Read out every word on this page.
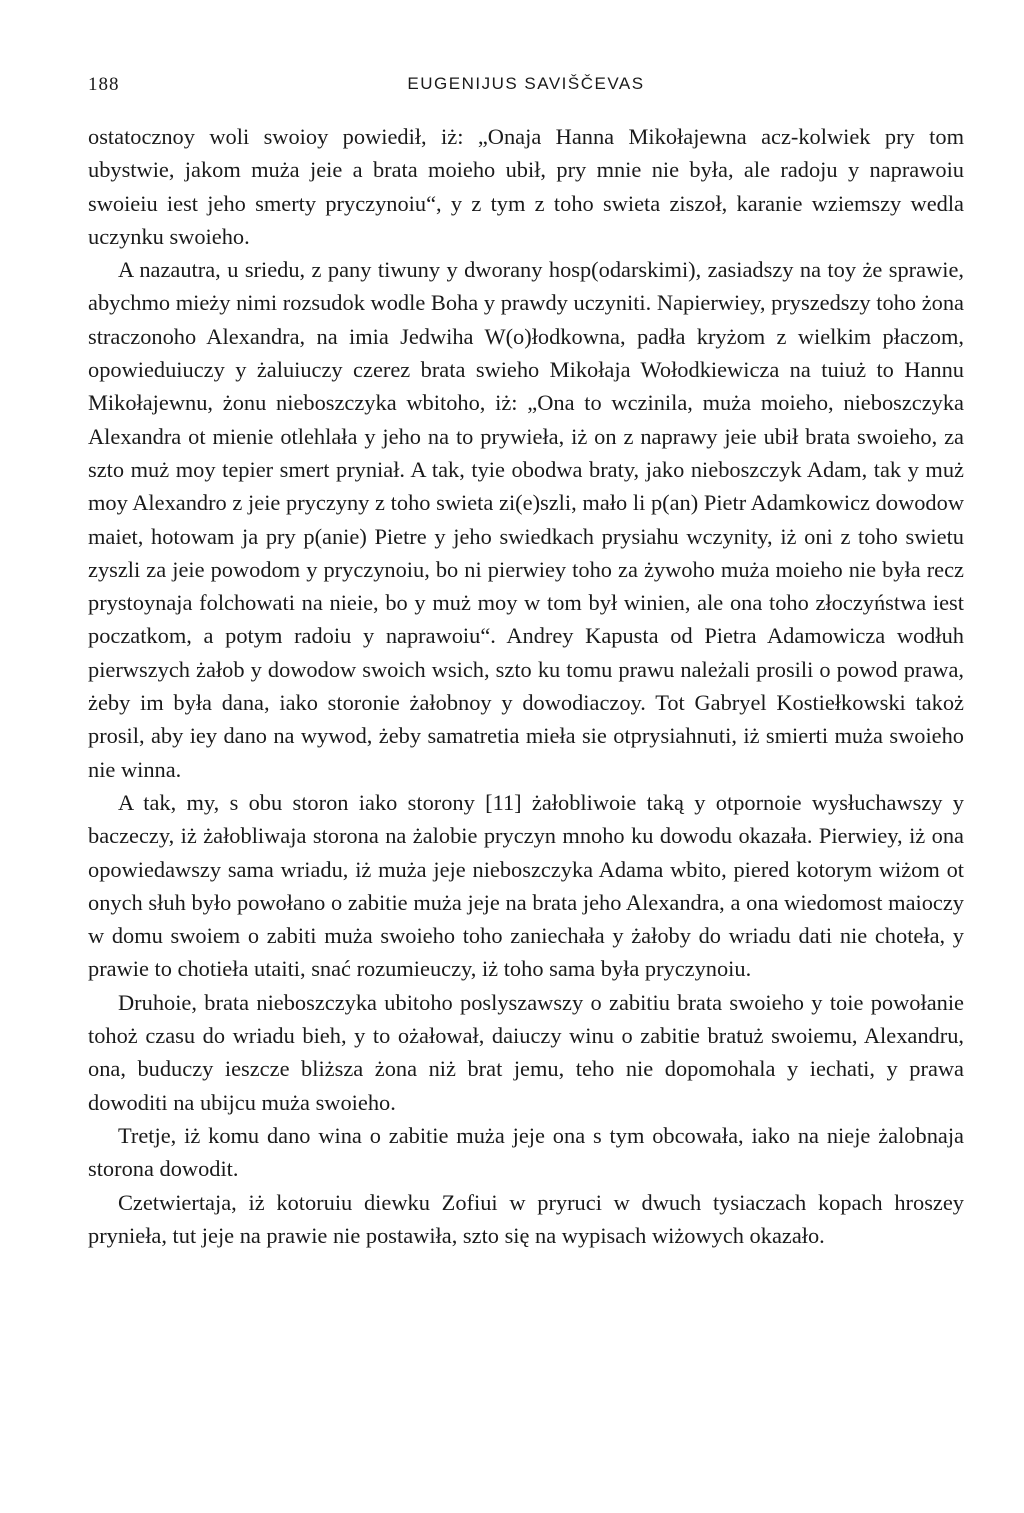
188	EUGENIJUS SAVIŠČEVAS

ostatocznoy woli swoioy powiedił, iż: „Onaja Hanna Mikołajewna acz-kolwiek pry tom ubystwie, jakom muża jeie a brata moieho ubił, pry mnie nie była, ale radoju y naprawoiu swoieiu iest jeho smerty pryczynoiu“, y z tym z toho swieta ziszoł, karanie wziemszy wedla uczynku swoieho.

A nazautra, u sriedu, z pany tiwuny y dworany hosp(odarskimi), zasiadszy na toy że sprawie, abychmo mieży nimi rozsudok wodle Boha y prawdy uczyniti. Napierwiey, pryszedszy toho żona straczonoho Alexandra, na imia Jedwiha W(o)łodkowna, padła kryżom z wielkim płaczom, opowieduiuczy y żaluiuczy czerez brata swieho Mikołaja Wołodkiewicza na tuiuż to Hannu Mikołajewnu, żonu nieboszczyka wbitoho, iż: „Ona to wczinila, muża moieho, nieboszczyka Alexandra ot mienie otlehlała y jeho na to prywieła, iż on z naprawy jeie ubił brata swoieho, za szto muż moy tepier smert pryniał. A tak, tyie obodwa braty, jako nieboszczyk Adam, tak y muż moy Alexandro z jeie pryczyny z toho swieta zi(e)szli, mało li p(an) Pietr Adamkowicz dowodow maiet, hotowam ja pry p(anie) Pietre y jeho swiedkach prysiahu wczynity, iż oni z toho swietu zyszli za jeie powodom y pryczynoiu, bo ni pierwiey toho za żywoho muża moieho nie była recz prystoynaja folchowati na nieie, bo y muż moy w tom był winien, ale ona toho złoczyństwa iest poczatkom, a potym radoiu y naprawoiu“. Andrey Kapusta od Pietra Adamowicza wodłuh pierwszych żałob y dowodow swoich wsich, szto ku tomu prawu należali prosili o powod prawa, żeby im była dana, iako storonie żałobnoy y dowodiaczoy. Tot Gabryel Kostiełkowski takoż prosil, aby iey dano na wywod, żeby samatretia mieła sie otprysiahnuti, iż smierti muża swoieho nie winna.

A tak, my, s obu storon iako storony [11] żałobliwoie taką y otpornoie wysłuchawszy y baczeczy, iż żałobliwaja storona na żalobie pryczyn mnoho ku dowodu okazała. Pierwiey, iż ona opowiedawszy sama wriadu, iż muża jeje nieboszczyka Adama wbito, piered kotorym wiżom ot onych słuh było powołano o zabitie muża jeje na brata jeho Alexandra, a ona wiedomost maioczy w domu swoiem o zabiti muża swoieho toho zaniechała y żałoby do wriadu dati nie choteła, y prawie to chotieła utaiti, snać rozumieuczy, iż toho sama była pryczynoiu.

Druhoie, brata nieboszczyka ubitoho poslyszawszy o zabitiu brata swoieho y toie powołanie tohoż czasu do wriadu bieh, y to ożałował, daiuczy winu o zabitie bratuż swoiemu, Alexandru, ona, buduczy ieszcze bliższa żona niż brat jemu, teho nie dopomohala y iechati, y prawa dowoditi na ubijcu muża swoieho.

Tretje, iż komu dano wina o zabitie muża jeje ona s tym obcowała, iako na nieje żalobnaja storona dowodit.

Czetwiertaja, iż kotoruiu diewku Zofiui w pryruci w dwuch tysiaczach kopach hroszey prynieła, tut jeje na prawie nie postawiła, szto się na wypisach wiżowych okazało.
